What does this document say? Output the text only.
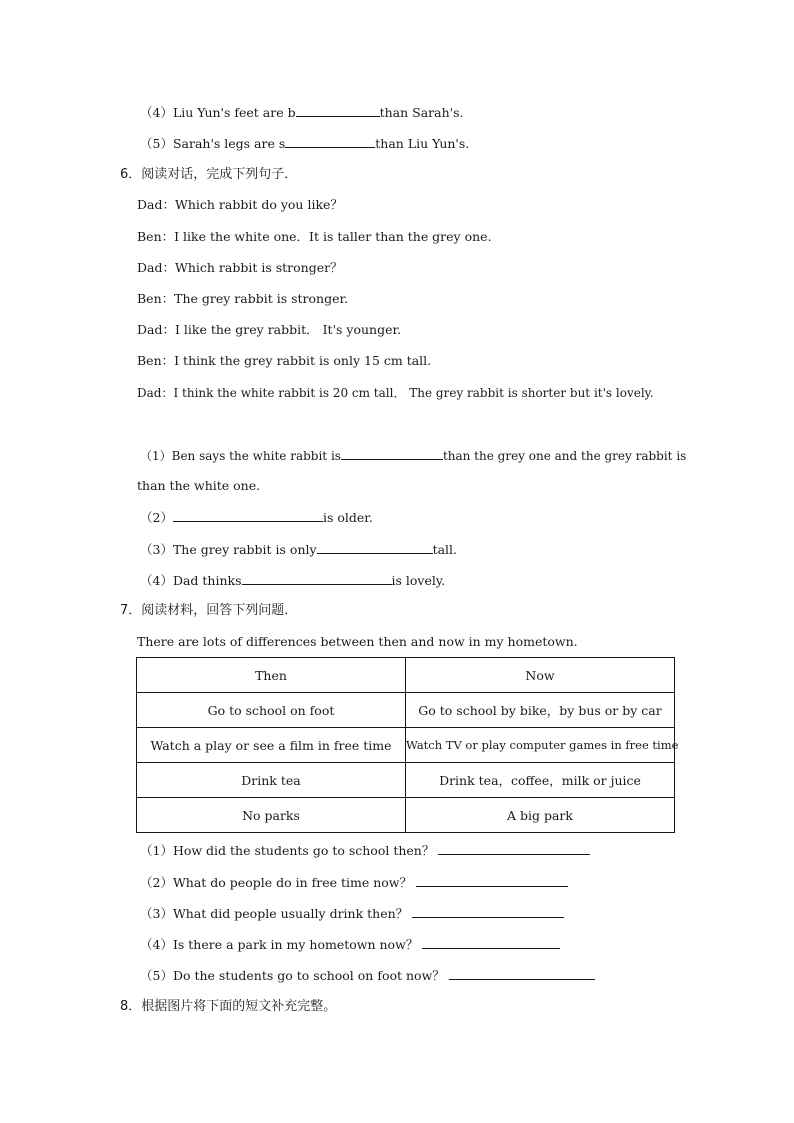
（4）Liu Yun's feet are b	than Sarah's.
（5）Sarah's legs are s	than Liu Yun's.
6．阅读对话，完成下列句子．
Dad：Which rabbit do you like？
Ben：I like the white one．It is taller than the grey one.
Dad：Which rabbit is stronger？
Ben：The grey rabbit is stronger.
Dad：I like the grey rabbit． It's younger.
Ben：I think the grey rabbit is only 15 cm tall.
Dad：I think the white rabbit is 20 cm tall． The grey rabbit is shorter but it's lovely.
（1）Ben says the white rabbit is	than the grey one and the grey rabbit is
than the white one.
（2）	is older.
（3）The grey rabbit is only	tall.
（4）Dad thinks	is lovely.
7．阅读材料，回答下列问题．
There are lots of differences between then and now in my hometown.
Then	Now
Go to school on foot	Go to school by bike，by bus or by car
Watch a play or see a film in free time	Watch TV or play computer games in free time
Drink tea	Drink tea，coffee，milk or juice
No parks	A big park
（1）How did the students go to school then？
（2）What do people do in free time now？
（3）What did people usually drink then？
（4）Is there a park in my hometown now？
（5）Do the students go to school on foot now？
8．根据图片将下面的短文补充完整。
